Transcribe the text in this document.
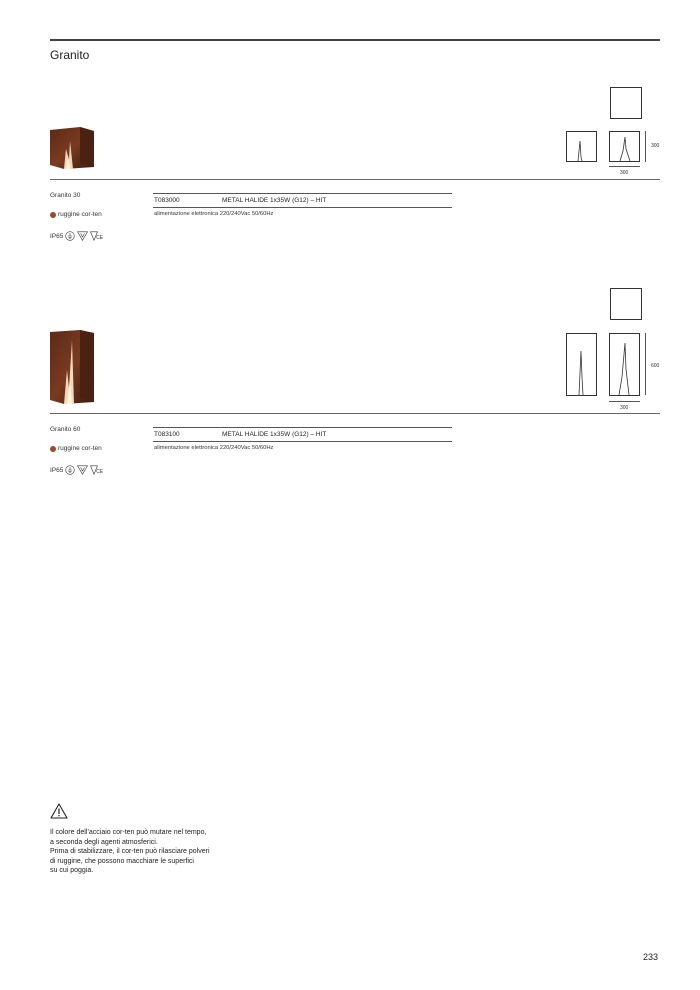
Granito
300
300
Granito 30
ruggine cor-ten
IP65	CE
T083000	METAL HALIDE 1x35W (G12) – HIT
alimentazione elettronica 220/240Vac 50/60Hz
600
300
Granito 60
ruggine cor-ten
IP65	CE
T083100	METAL HALIDE 1x35W (G12) – HIT
alimentazione elettronica 220/240Vac 50/60Hz
Il colore dell’acciaio cor-ten può mutare nel tempo,
a seconda degli agenti atmosferici.
Prima di stabilizzare, il cor-ten può rilasciare polveri
di ruggine, che possono macchiare le superfici
su cui poggia.
233
